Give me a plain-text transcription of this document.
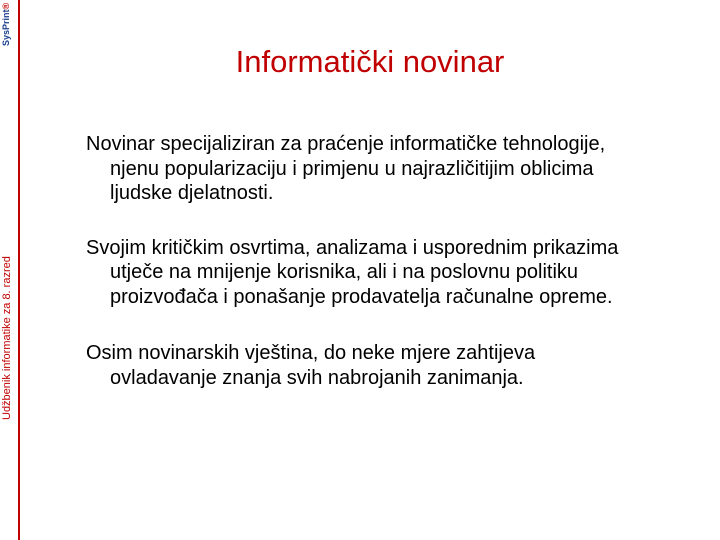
SysPrint®
Udžbenik informatike za 8. razred
Informatički novinar

Novinar specijaliziran za praćenje informatičke tehnologije, njenu popularizaciju i primjenu u najrazličitijim oblicima ljudske djelatnosti.

Svojim kritičkim osvrtima, analizama i usporednim prikazima utječe na mnijenje korisnika, ali i na poslovnu politiku proizvođača i ponašanje prodavatelja računalne opreme.

Osim novinarskih vještina, do neke mjere zahtijeva ovladavanje znanja svih nabrojanih zanimanja.
